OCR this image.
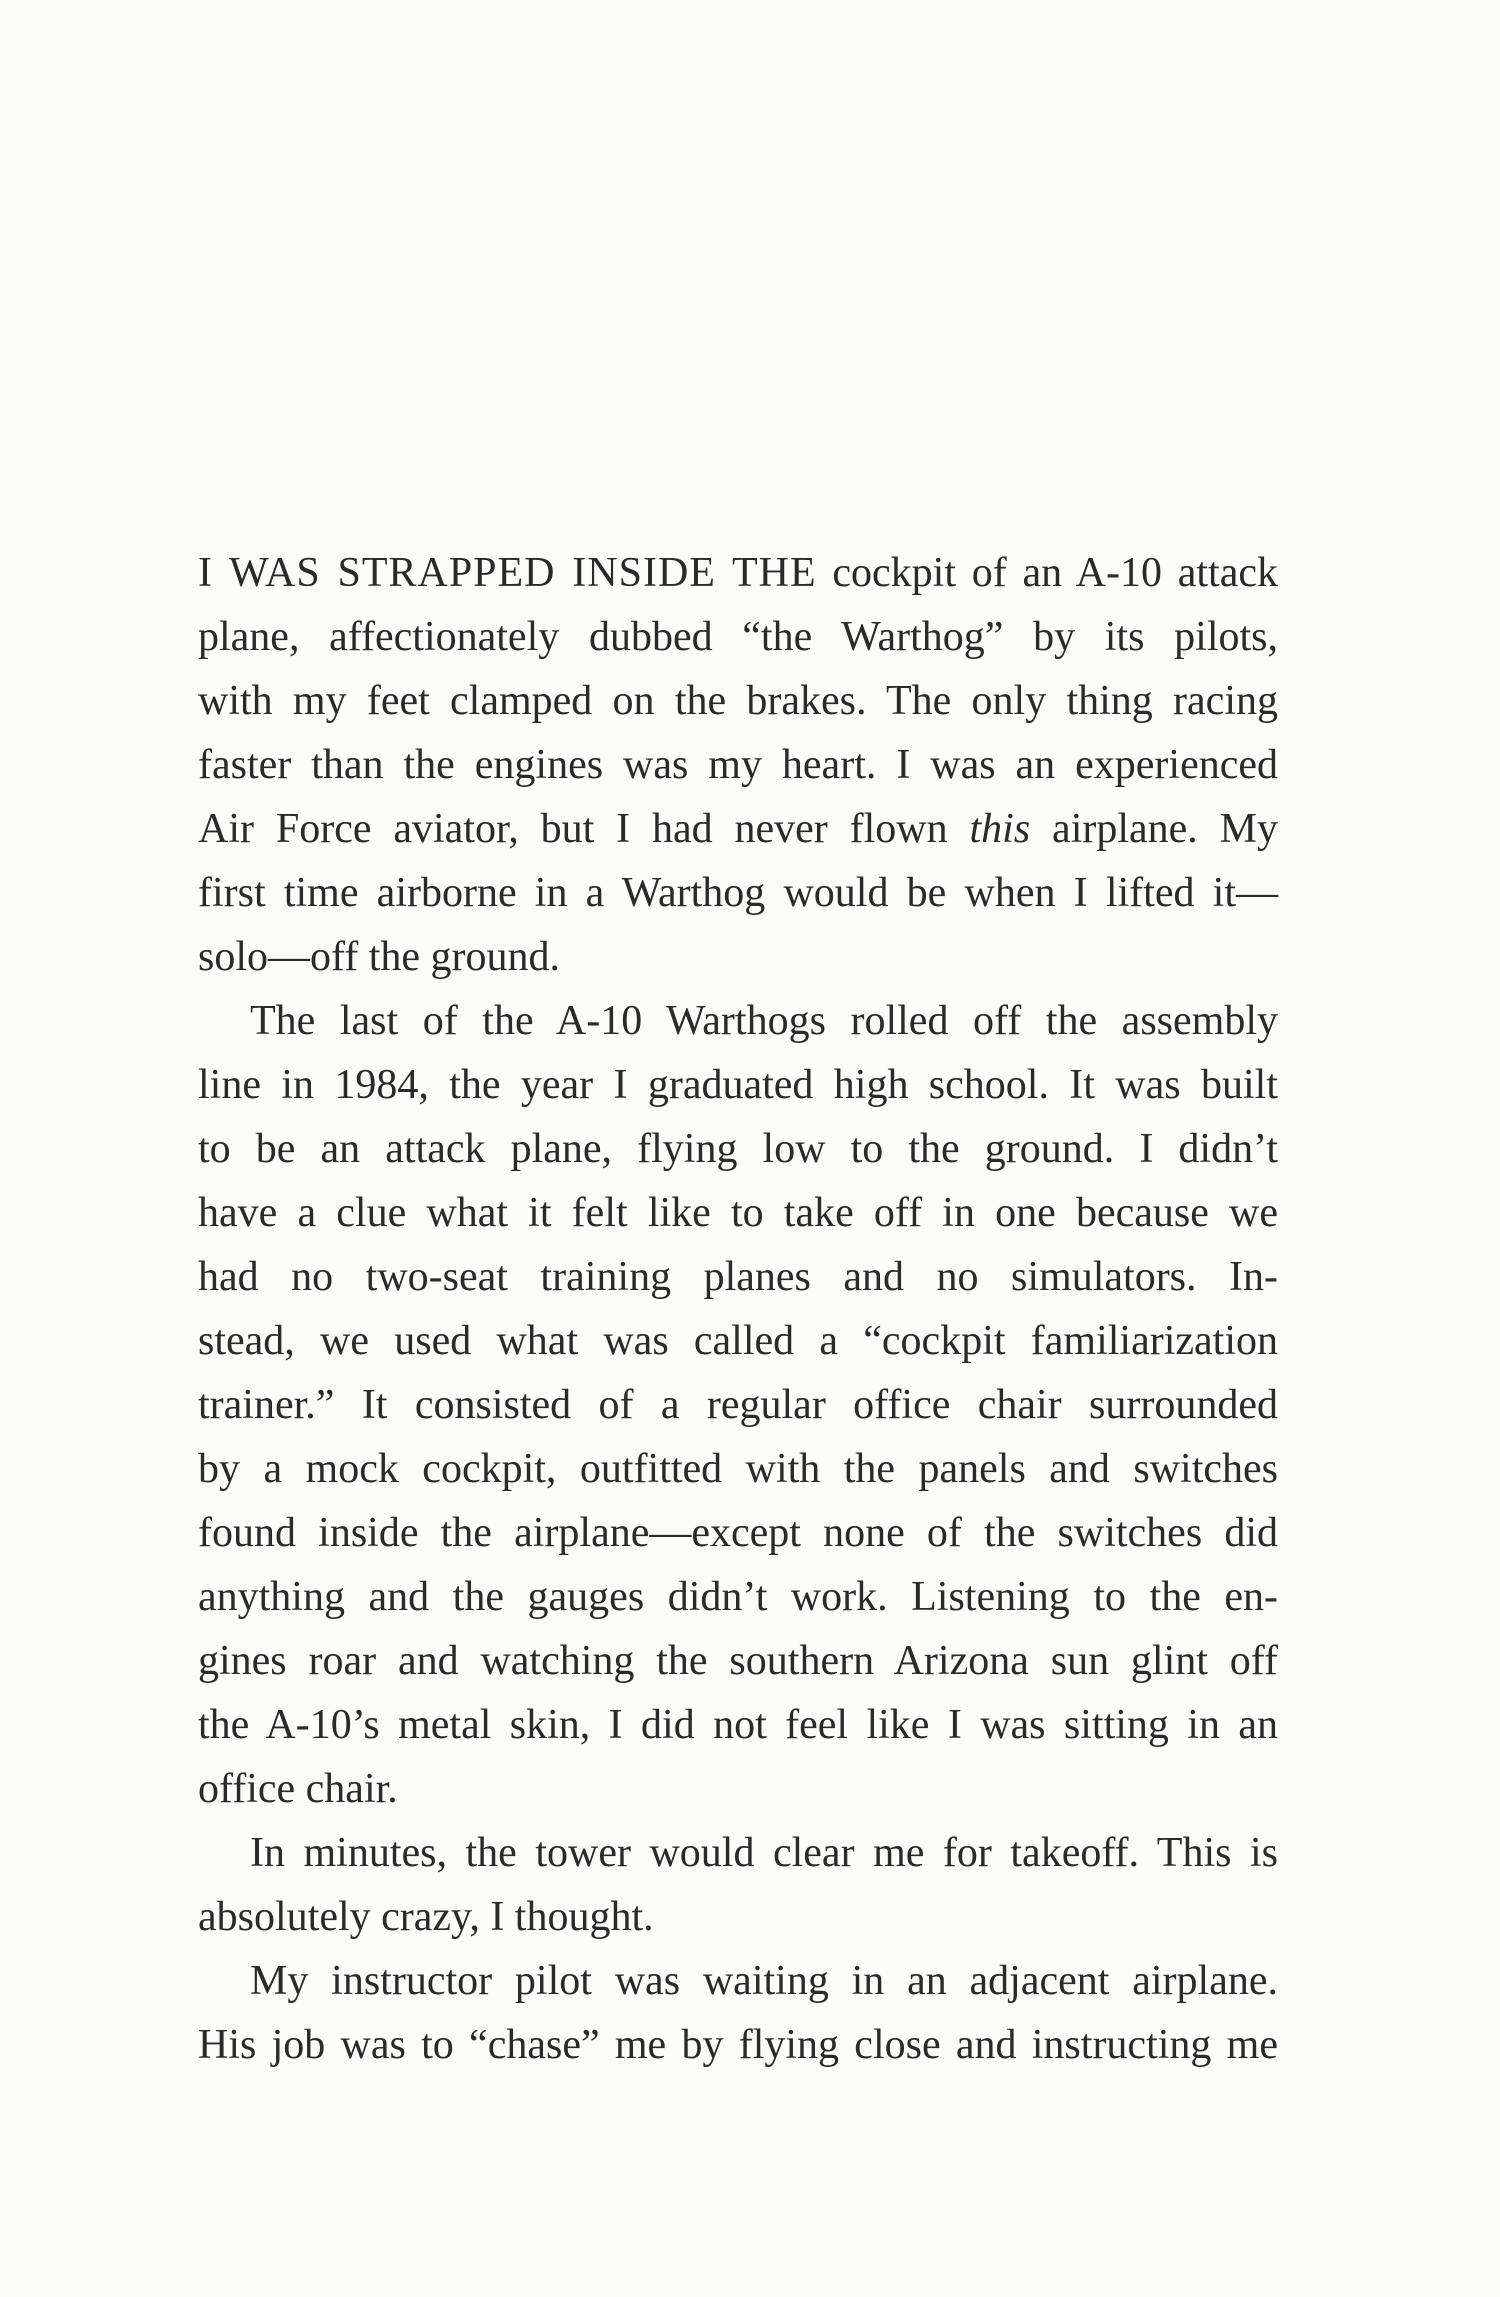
I WAS STRAPPED INSIDE THE cockpit of an A-10 attack
plane, affectionately dubbed “the Warthog” by its pilots,
with my feet clamped on the brakes. The only thing racing
faster than the engines was my heart. I was an experienced
Air Force aviator, but I had never flown this airplane. My
first time airborne in a Warthog would be when I lifted it—
solo—off the ground.
The last of the A-10 Warthogs rolled off the assembly
line in 1984, the year I graduated high school. It was built
to be an attack plane, flying low to the ground. I didn’t
have a clue what it felt like to take off in one because we
had no two-seat training planes and no simulators. In-
stead, we used what was called a “cockpit familiarization
trainer.” It consisted of a regular office chair surrounded
by a mock cockpit, outfitted with the panels and switches
found inside the airplane—except none of the switches did
anything and the gauges didn’t work. Listening to the en-
gines roar and watching the southern Arizona sun glint off
the A-10’s metal skin, I did not feel like I was sitting in an
office chair.
In minutes, the tower would clear me for takeoff. This is
absolutely crazy, I thought.
My instructor pilot was waiting in an adjacent airplane.
His job was to “chase” me by flying close and instructing me
